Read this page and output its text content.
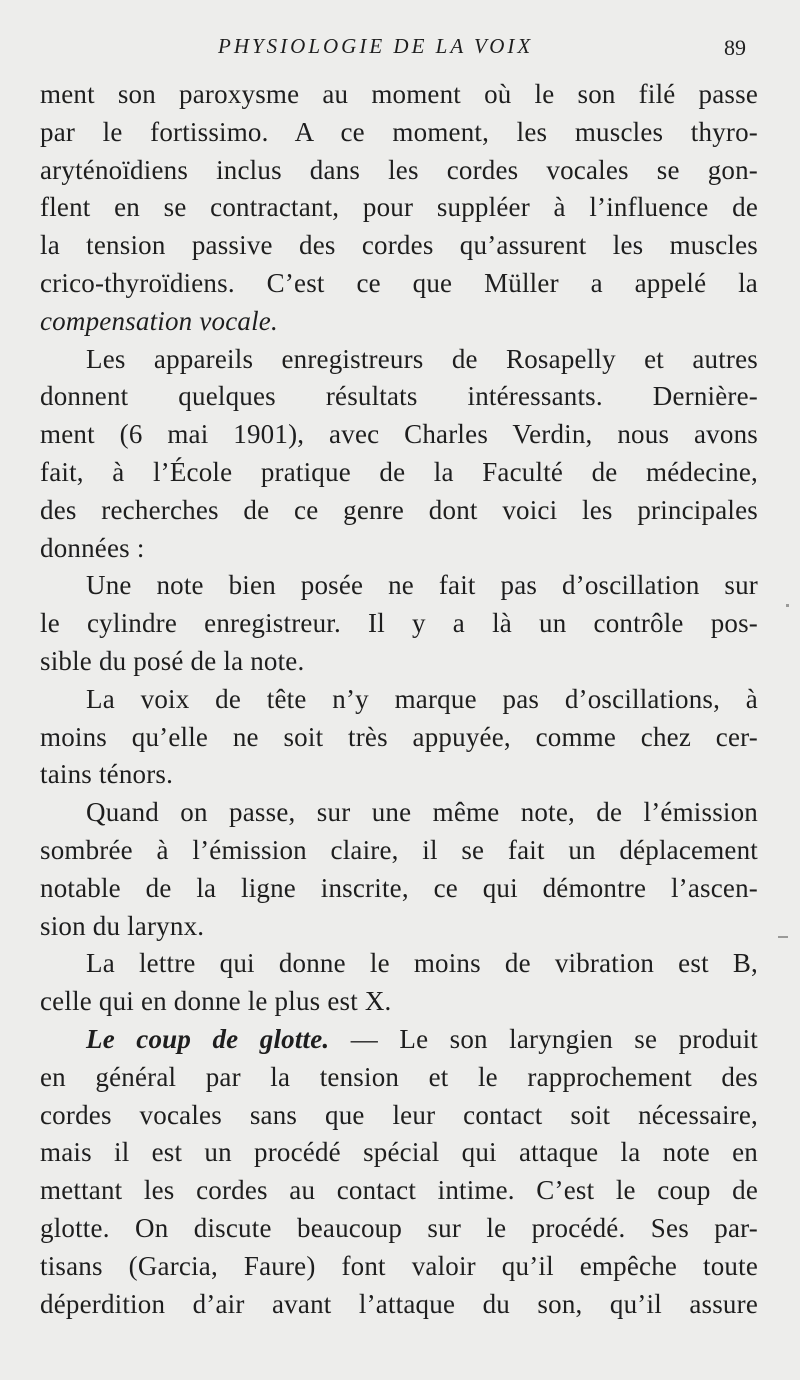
PHYSIOLOGIE DE LA VOIX	89
ment son paroxysme au moment où le son filé passe
par le fortissimo. A ce moment, les muscles thyro-
aryténoïdiens inclus dans les cordes vocales se gon-
flent en se contractant, pour suppléer à l’influence de
la tension passive des cordes qu’assurent les muscles
crico-thyroïdiens. C’est ce que Müller a appelé la
compensation vocale.
Les appareils enregistreurs de Rosapelly et autres
donnent quelques résultats intéressants. Dernière-
ment (6 mai 1901), avec Charles Verdin, nous avons
fait, à l’École pratique de la Faculté de médecine,
des recherches de ce genre dont voici les principales
données :
Une note bien posée ne fait pas d’oscillation sur
le cylindre enregistreur. Il y a là un contrôle pos-
sible du posé de la note.
La voix de tête n’y marque pas d’oscillations, à
moins qu’elle ne soit très appuyée, comme chez cer-
tains ténors.
Quand on passe, sur une même note, de l’émission
sombrée à l’émission claire, il se fait un déplacement
notable de la ligne inscrite, ce qui démontre l’ascen-
sion du larynx.
La lettre qui donne le moins de vibration est B,
celle qui en donne le plus est X.
Le coup de glotte. — Le son laryngien se produit
en général par la tension et le rapprochement des
cordes vocales sans que leur contact soit nécessaire,
mais il est un procédé spécial qui attaque la note en
mettant les cordes au contact intime. C’est le coup de
glotte. On discute beaucoup sur le procédé. Ses par-
tisans (Garcia, Faure) font valoir qu’il empêche toute
déperdition d’air avant l’attaque du son, qu’il assure
